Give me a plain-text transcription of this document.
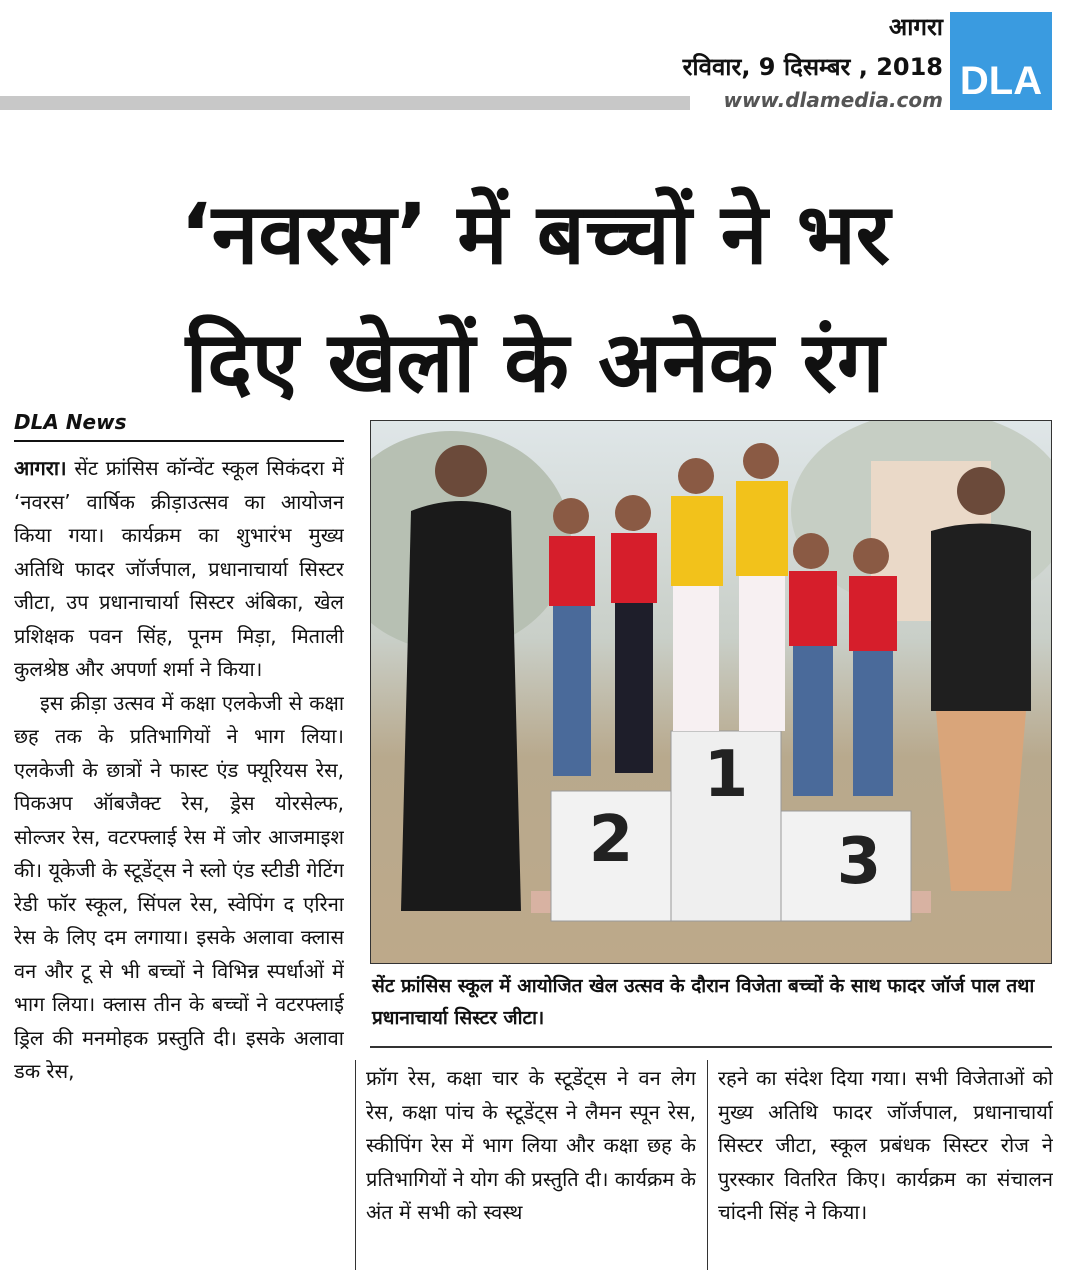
आगरा
रविवार, 9 दिसम्बर , 2018
www.dlamedia.com DLA
‘नवरस’ में बच्चों ने भर
दिए खेलों के अनेक रंग
DLA News

आगरा। सेंट फ्रांसिस कॉन्वेंट स्कूल सिकंदरा में ‘नवरस’ वार्षिक क्रीड़ाउत्सव का आयोजन किया गया। कार्यक्रम का शुभारंभ मुख्य अतिथि फादर जॉर्जपाल, प्रधानाचार्या सिस्टर जीटा, उप प्रधानाचार्या सिस्टर अंबिका, खेल प्रशिक्षक पवन सिंह, पूनम मिड़ा, मिताली कुलश्रेष्ठ और अपर्णा शर्मा ने किया।

इस क्रीड़ा उत्सव में कक्षा एलकेजी से कक्षा छह तक के प्रतिभागियों ने भाग लिया। एलकेजी के छात्रों ने फास्ट एंड फ्यूरियस रेस, पिकअप ऑबजैक्ट रेस, ड्रेस योरसेल्फ, सोल्जर रेस, वटरफ्लाई रेस में जोर आजमाइश की। यूकेजी के स्टूडेंट्स ने स्लो एंड स्टीडी गेटिंग रेडी फॉर स्कूल, सिंपल रेस, स्वेपिंग द एरिना रेस के लिए दम लगाया। इसके अलावा क्लास वन और टू से भी बच्चों ने विभिन्न स्पर्धाओं में भाग लिया। क्लास तीन के बच्चों ने वटरफ्लाई ड्रिल की मनमोहक प्रस्तुति दी। इसके अलावा डक रेस,

2
1
3
सेंट फ्रांसिस स्कूल में आयोजित खेल उत्सव के दौरान विजेता बच्चों के साथ फादर जॉर्ज पाल तथा प्रधानाचार्या सिस्टर जीटा।

फ्रॉग रेस, कक्षा चार के स्टूडेंट्स ने वन लेग रेस, कक्षा पांच के स्टूडेंट्स ने लैमन स्पून रेस, स्कीपिंग रेस में भाग लिया और कक्षा छह के प्रतिभागियों ने योग की प्रस्तुति दी। कार्यक्रम के अंत में सभी को स्वस्थ

रहने का संदेश दिया गया। सभी विजेताओं को मुख्य अतिथि फादर जॉर्जपाल, प्रधानाचार्या सिस्टर जीटा, स्कूल प्रबंधक सिस्टर रोज ने पुरस्कार वितरित किए। कार्यक्रम का संचालन चांदनी सिंह ने किया।
